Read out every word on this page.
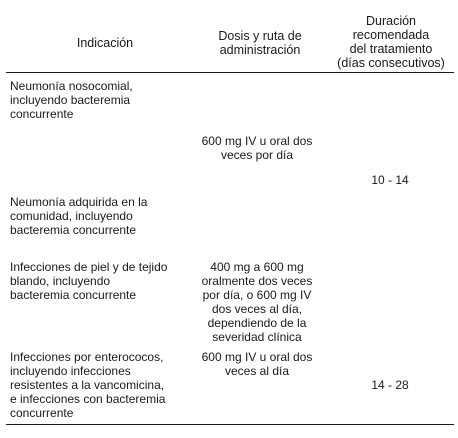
Indicación	Dosis y ruta de
administración
Duración
recomendada
del tratamiento
(días consecutivos)
Neumonía nosocomial,
incluyendo bacteremia
concurrente
Neumonía adquirida en la
comunidad, incluyendo
bacteremia concurrente
Infecciones de piel y de tejido
blando, incluyendo
bacteremia concurrente
Infecciones por enterococos,
incluyendo infecciones
resistentes a la vancomicina,
e infecciones con bacteremia
concurrente
600 mg IV u oral dos
veces por día
400 mg a 600 mg
oralmente dos veces
por día, o 600 mg IV
dos veces al día,
dependiendo de la
severidad clínica
600 mg IV u oral dos
veces al día
10 - 14
14 - 28
